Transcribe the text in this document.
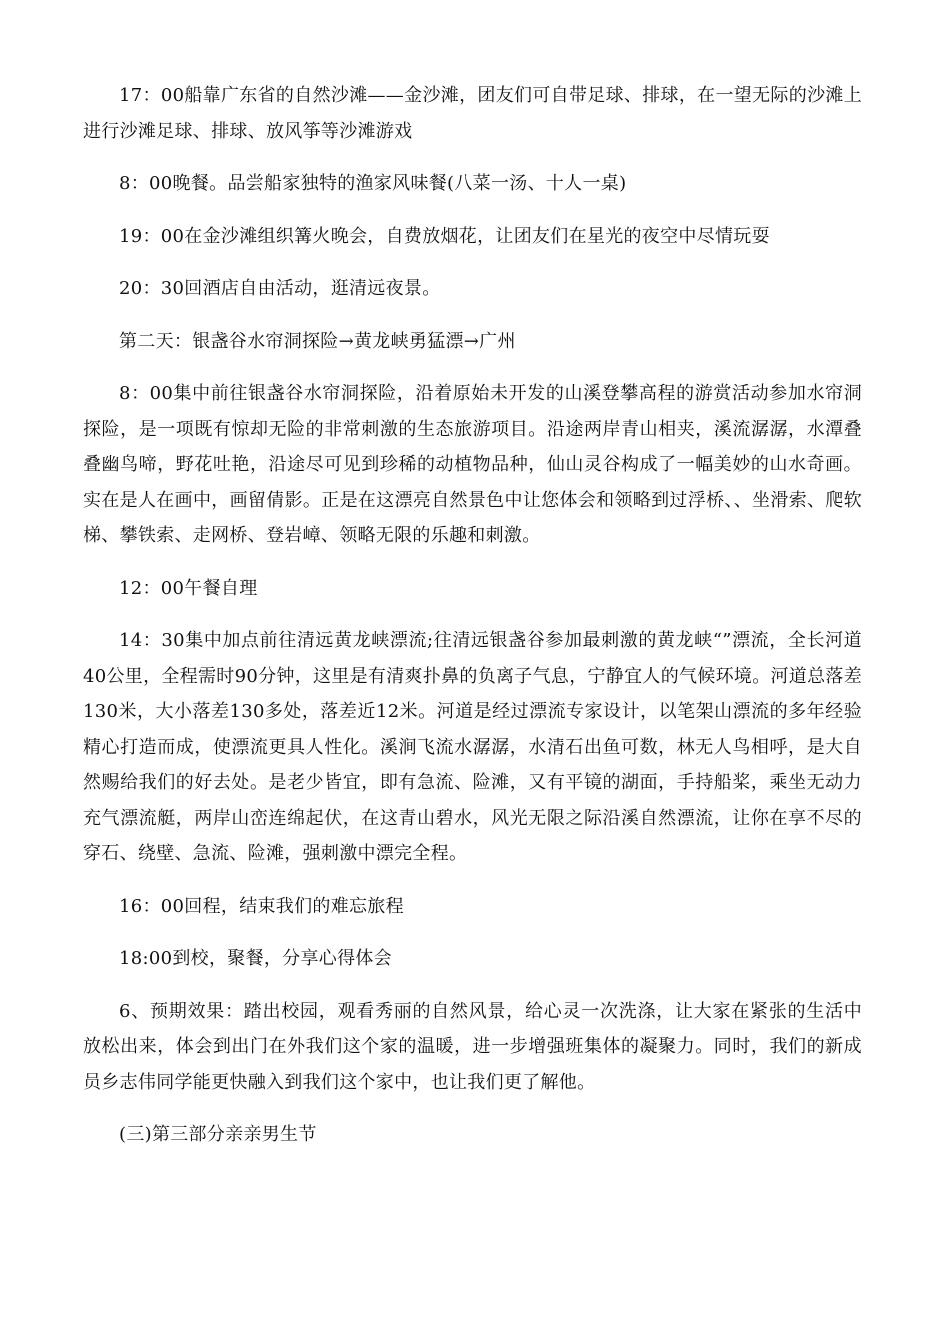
17：00船靠广东省的自然沙滩——金沙滩，团友们可自带足球、排球，在一望无际的沙滩上进行沙滩足球、排球、放风筝等沙滩游戏

8：00晚餐。品尝船家独特的渔家风味餐(八菜一汤、十人一桌)

19：00在金沙滩组织篝火晚会，自费放烟花，让团友们在星光的夜空中尽情玩耍

20：30回酒店自由活动，逛清远夜景。

第二天：银盏谷水帘洞探险→黄龙峡勇猛漂→广州

8：00集中前往银盏谷水帘洞探险，沿着原始未开发的山溪登攀高程的游赏活动参加水帘洞探险，是一项既有惊却无险的非常刺激的生态旅游项目。沿途两岸青山相夹，溪流潺潺，水潭叠叠幽鸟啼，野花吐艳，沿途尽可见到珍稀的动植物品种，仙山灵谷构成了一幅美妙的山水奇画。实在是人在画中，画留倩影。正是在这漂亮自然景色中让您体会和领略到过浮桥、、坐滑索、爬软梯、攀铁索、走网桥、登岩嶂、领略无限的乐趣和刺激。

12：00午餐自理

14：30集中加点前往清远黄龙峡漂流;往清远银盏谷参加最刺激的黄龙峡“”漂流，全长河道40公里，全程需时90分钟，这里是有清爽扑鼻的负离子气息，宁静宜人的气候环境。河道总落差130米，大小落差130多处，落差近12米。河道是经过漂流专家设计，以笔架山漂流的多年经验精心打造而成，使漂流更具人性化。溪涧飞流水潺潺，水清石出鱼可数，林无人鸟相呼，是大自然赐给我们的好去处。是老少皆宜，即有急流、险滩，又有平镜的湖面，手持船桨，乘坐无动力充气漂流艇，两岸山峦连绵起伏，在这青山碧水，风光无限之际沿溪自然漂流，让你在享不尽的穿石、绕壁、急流、险滩，强刺激中漂完全程。

16：00回程，结束我们的难忘旅程

18:00到校，聚餐，分享心得体会

6、预期效果：踏出校园，观看秀丽的自然风景，给心灵一次洗涤，让大家在紧张的生活中放松出来，体会到出门在外我们这个家的温暖，进一步增强班集体的凝聚力。同时，我们的新成员乡志伟同学能更快融入到我们这个家中，也让我们更了解他。

(三)第三部分亲亲男生节
